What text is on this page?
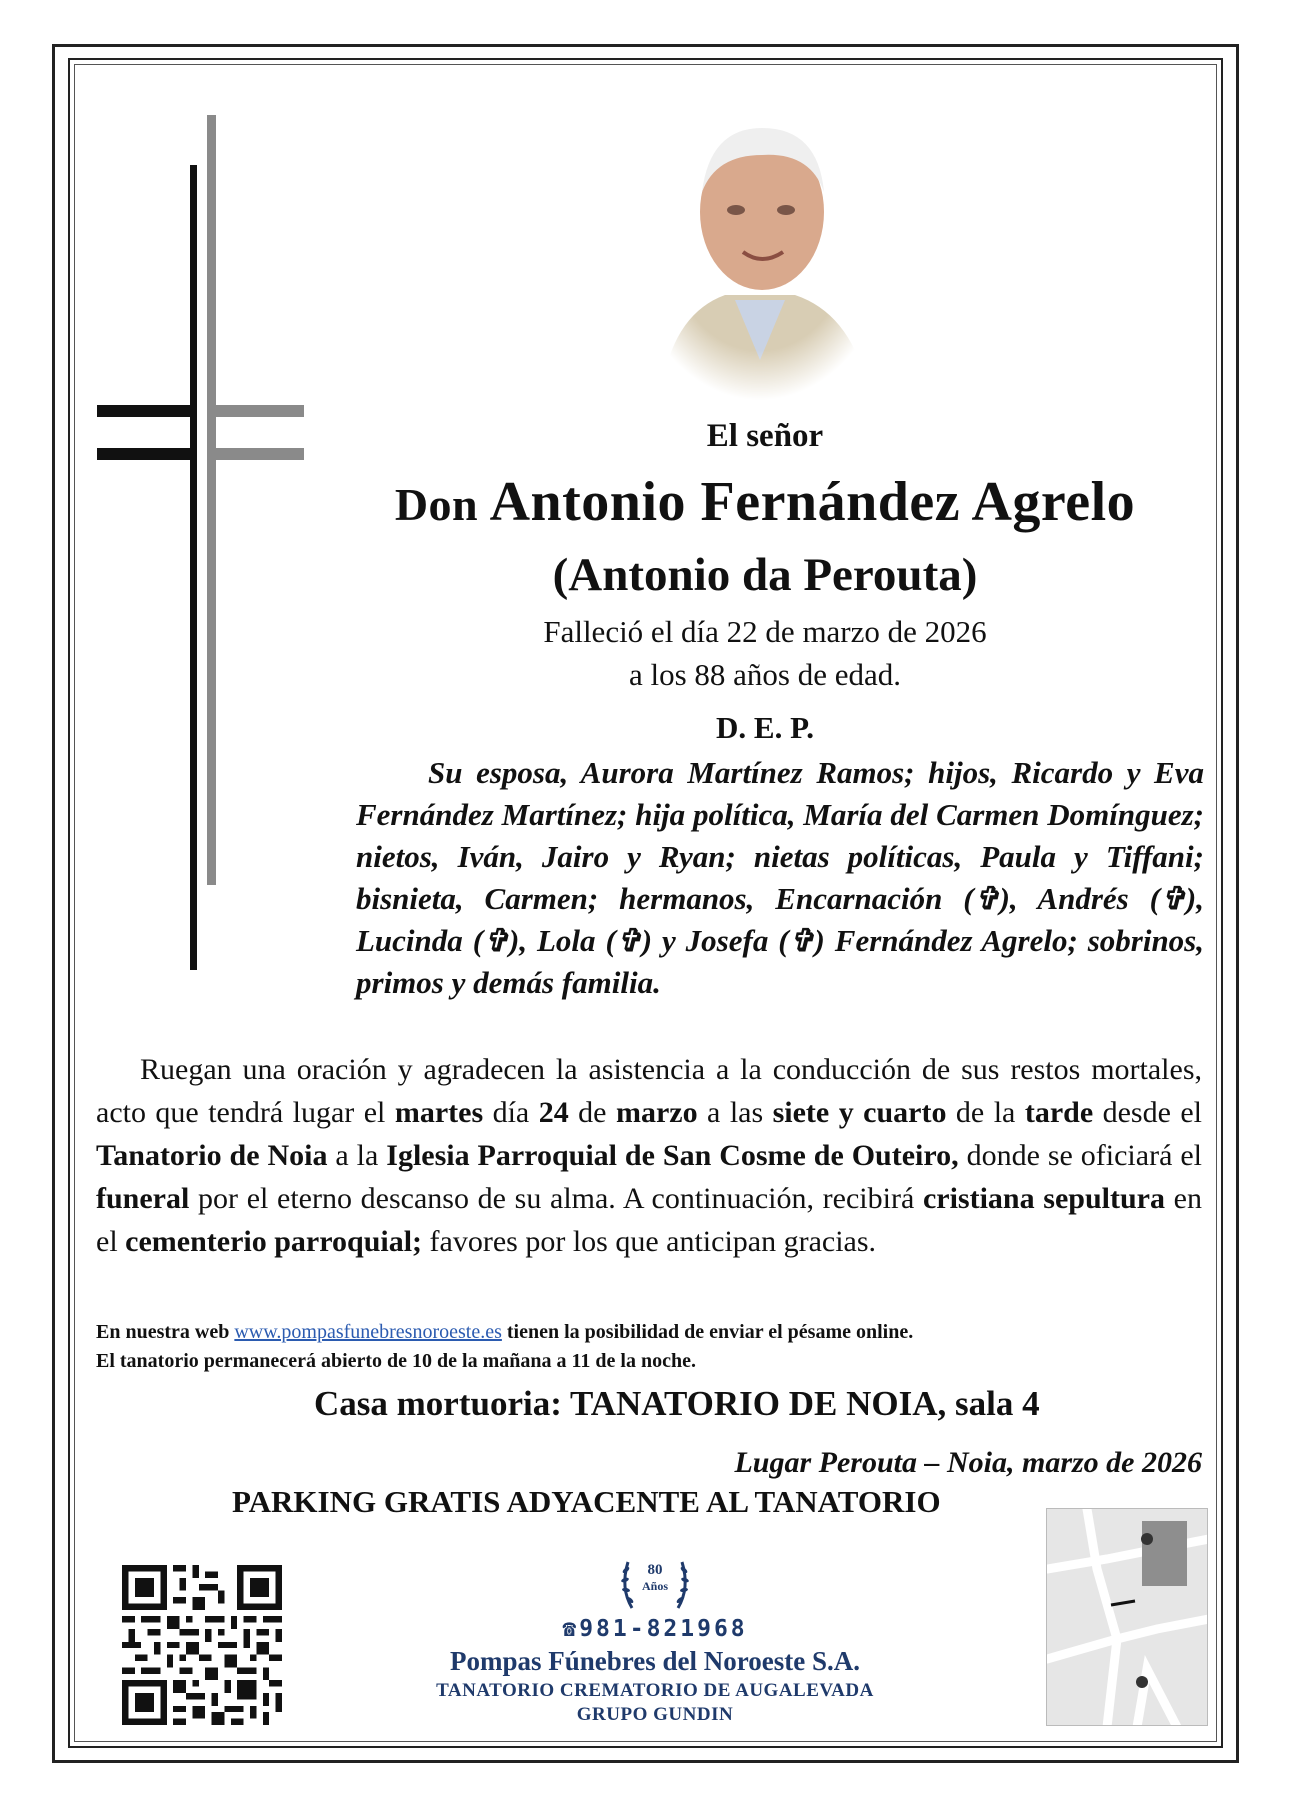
El señor
Don Antonio Fernández Agrelo
(Antonio da Perouta)
Falleció el día 22 de marzo de 2026
a los 88 años de edad.
D. E. P.
Su esposa, Aurora Martínez Ramos; hijos, Ricardo y Eva Fernández Martínez; hija política, María del Carmen Domínguez; nietos, Iván, Jairo y Ryan; nietas políticas, Paula y Tiffani; bisnieta, Carmen; hermanos, Encarnación (✞), Andrés (✞), Lucinda (✞), Lola (✞) y Josefa (✞) Fernández Agrelo; sobrinos, primos y demás familia.
Ruegan una oración y agradecen la asistencia a la conducción de sus restos mortales, acto que tendrá lugar el martes día 24 de marzo a las siete y cuarto de la tarde desde el Tanatorio de Noia a la Iglesia Parroquial de San Cosme de Outeiro, donde se oficiará el funeral por el eterno descanso de su alma. A continuación, recibirá cristiana sepultura en el cementerio parroquial; favores por los que anticipan gracias.
En nuestra web www.pompasfunebresnoroeste.es tienen la posibilidad de enviar el pésame online.
El tanatorio permanecerá abierto de 10 de la mañana a 11 de la noche.
Casa mortuoria: TANATORIO DE NOIA, sala 4
Lugar Perouta – Noia, marzo de 2026
PARKING GRATIS ADYACENTE AL TANATORIO
80
Años
☎981-821968
Pompas Fúnebres del Noroeste S.A.
TANATORIO CREMATORIO DE AUGALEVADA
GRUPO GUNDIN
